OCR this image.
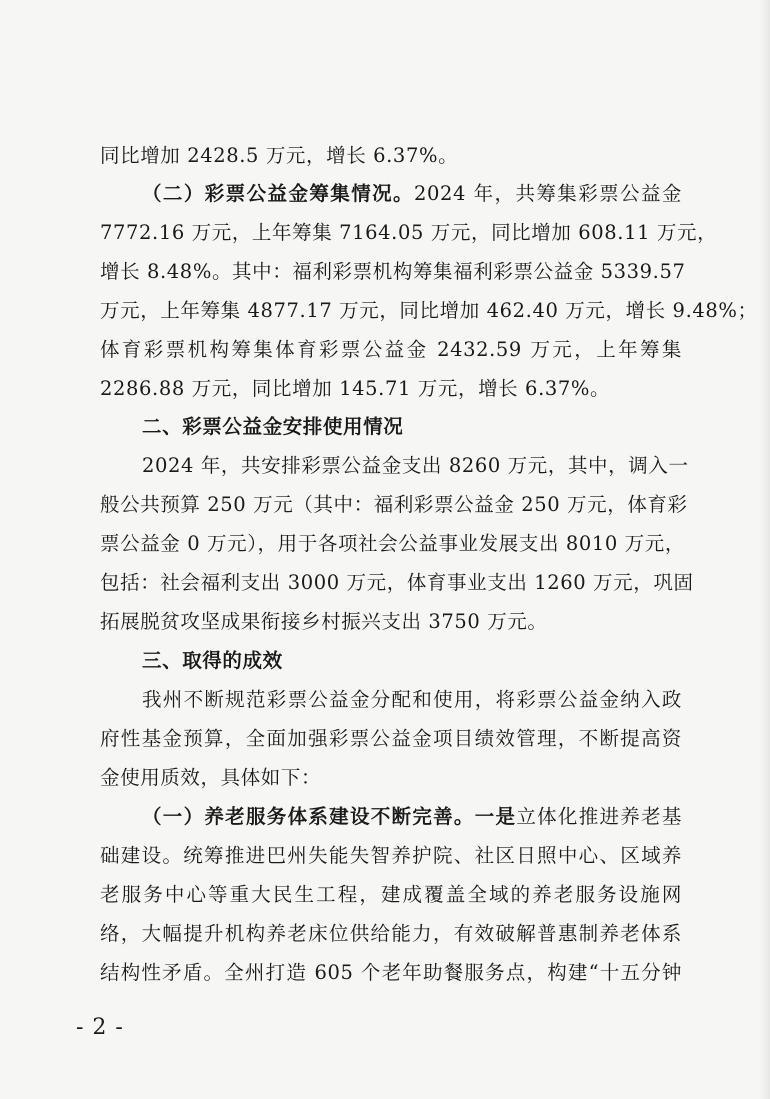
同比增加 2428.5 万元，增长 6.37%。
（二）彩票公益金筹集情况。2024 年，共筹集彩票公益金
7772.16 万元，上年筹集 7164.05 万元，同比增加 608.11 万元，
增长 8.48%。其中：福利彩票机构筹集福利彩票公益金 5339.57
万元，上年筹集 4877.17 万元，同比增加 462.40 万元，增长 9.48%；
体育彩票机构筹集体育彩票公益金 2432.59 万元，上年筹集
2286.88 万元，同比增加 145.71 万元，增长 6.37%。
二、彩票公益金安排使用情况
2024 年，共安排彩票公益金支出 8260 万元，其中，调入一
般公共预算 250 万元（其中：福利彩票公益金 250 万元，体育彩
票公益金 0 万元），用于各项社会公益事业发展支出 8010 万元，
包括：社会福利支出 3000 万元，体育事业支出 1260 万元，巩固
拓展脱贫攻坚成果衔接乡村振兴支出 3750 万元。
三、取得的成效
我州不断规范彩票公益金分配和使用，将彩票公益金纳入政
府性基金预算，全面加强彩票公益金项目绩效管理，不断提高资
金使用质效，具体如下：
（一）养老服务体系建设不断完善。一是立体化推进养老基
础建设。统筹推进巴州失能失智养护院、社区日照中心、区域养
老服务中心等重大民生工程，建成覆盖全域的养老服务设施网
络，大幅提升机构养老床位供给能力，有效破解普惠制养老体系
结构性矛盾。全州打造 605 个老年助餐服务点，构建“十五分钟
- 2 -
